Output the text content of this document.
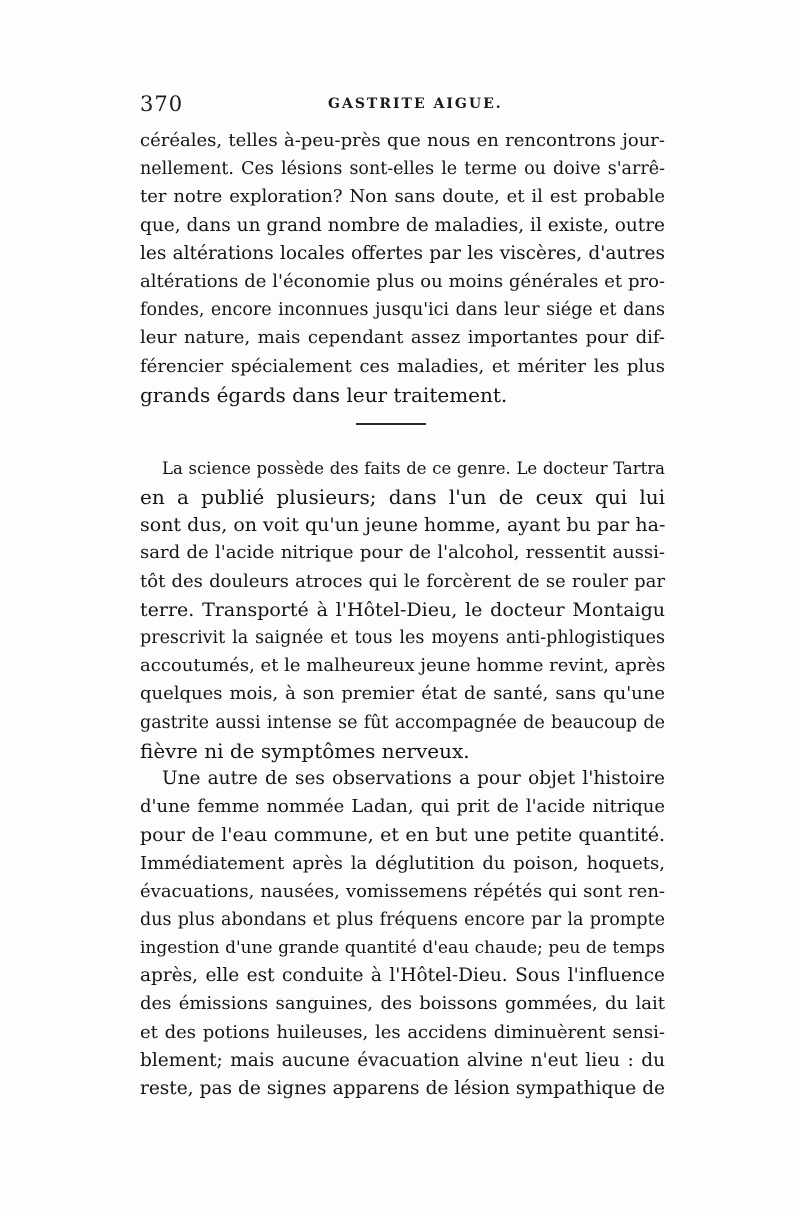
370	GASTRITE AIGUE.
céréales, telles à-peu-près que nous en rencontrons jour-
nellement. Ces lésions sont-elles le terme ou doive s'arrê-
ter notre exploration? Non sans doute, et il est probable
que, dans un grand nombre de maladies, il existe, outre
les altérations locales offertes par les viscères, d'autres
altérations de l'économie plus ou moins générales et pro-
fondes, encore inconnues jusqu'ici dans leur siége et dans
leur nature, mais cependant assez importantes pour dif-
férencier spécialement ces maladies, et mériter les plus
grands égards dans leur traitement.
La science possède des faits de ce genre. Le docteur Tartra
en a publié plusieurs; dans l'un de ceux qui lui
sont dus, on voit qu'un jeune homme, ayant bu par ha-
sard de l'acide nitrique pour de l'alcohol, ressentit aussi-
tôt des douleurs atroces qui le forcèrent de se rouler par
terre. Transporté à l'Hôtel-Dieu, le docteur Montaigu
prescrivit la saignée et tous les moyens anti-phlogistiques
accoutumés, et le malheureux jeune homme revint, après
quelques mois, à son premier état de santé, sans qu'une
gastrite aussi intense se fût accompagnée de beaucoup de
fièvre ni de symptômes nerveux.
Une autre de ses observations a pour objet l'histoire
d'une femme nommée Ladan, qui prit de l'acide nitrique
pour de l'eau commune, et en but une petite quantité.
Immédiatement après la déglutition du poison, hoquets,
évacuations, nausées, vomissemens répétés qui sont ren-
dus plus abondans et plus fréquens encore par la prompte
ingestion d'une grande quantité d'eau chaude; peu de temps
après, elle est conduite à l'Hôtel-Dieu. Sous l'influence
des émissions sanguines, des boissons gommées, du lait
et des potions huileuses, les accidens diminuèrent sensi-
blement; mais aucune évacuation alvine n'eut lieu : du
reste, pas de signes apparens de lésion sympathique de
